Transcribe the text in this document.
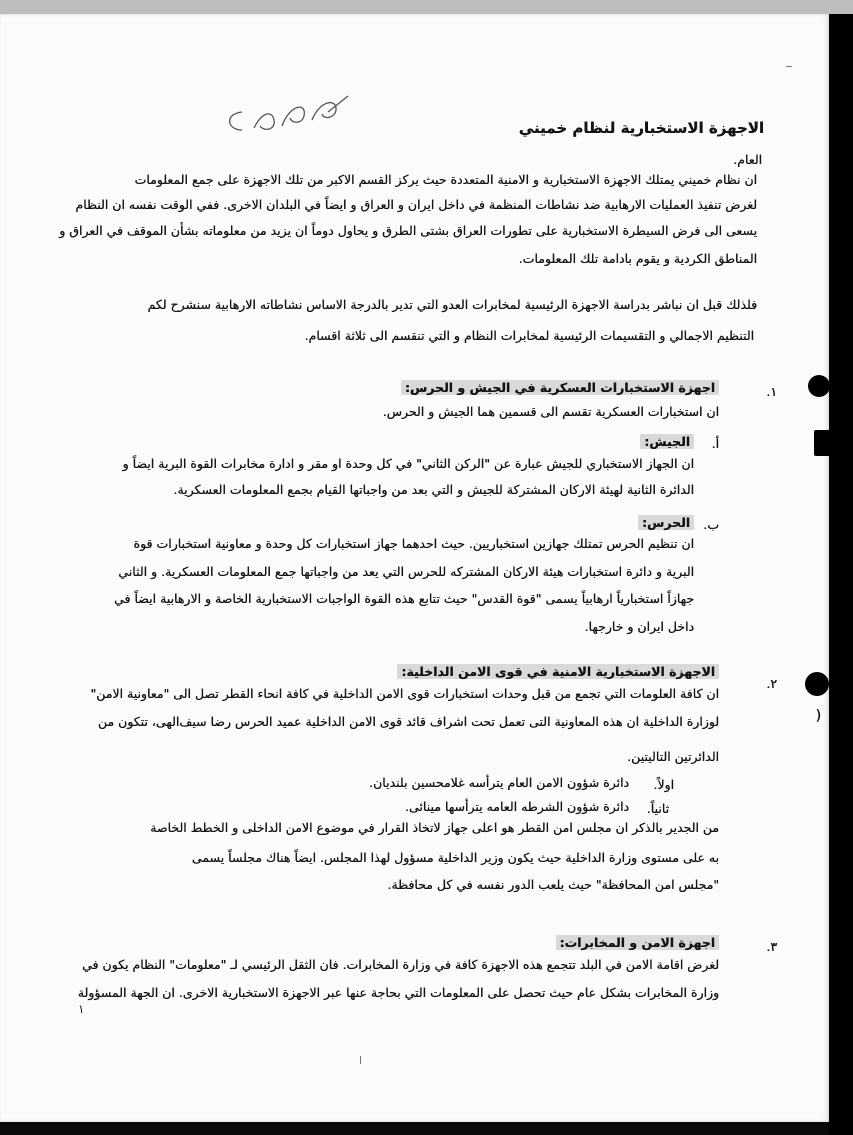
الاجهزة الاستخبارية لنظام خميني
العام.
ان نظام خميني يمتلك الاجهزة الاستخبارية و الامنية المتعددة حيث يركز القسم الاكبر من تلك الاجهزة على جمع المعلومات
لغرض تنفيذ العمليات الارهابية ضد نشاطات المنظمة في داخل ايران و العراق و ايضاً في البلدان الاخرى. ففي الوقت نفسه ان النظام
يسعى الى فرض السيطرة الاستخبارية على تطورات العراق بشتى الطرق و يحاول دوماً ان يزيد من معلوماته بشأن الموقف في العراق و
المناطق الكردية و يقوم بادامة تلك المعلومات.
فلذلك قبل ان نباشر بدراسة الاجهزة الرئيسية لمخابرات العدو التي تدير بالدرجة الاساس نشاطاته الارهابية سنشرح لكم
التنظيم الاجمالي و التقسيمات الرئيسية لمخابرات النظام و التي تنقسم الى ثلاثة اقسام.
١.
اجهزة الاستخبارات العسكرية في الجيش و الحرس:
ان استخبارات العسكرية تقسم الى قسمين هما الجيش و الحرس.
أ.
الجيش:
ان الجهاز الاستخباري للجيش عبارة عن "الركن الثاني" في كل وحدة او مقر و ادارة مخابرات القوة البرية ايضاً و
الدائرة الثانية لهيئة الاركان المشتركة للجيش و التي بعد من واجباتها القيام بجمع المعلومات العسكرية.
ب.
الحرس:
ان تنظيم الحرس تمتلك جهازين استخباريين. حيث احدهما جهاز استخبارات كل وحدة و معاونية استخبارات قوة
البرية و دائرة استخبارات هيئة الاركان المشتركه للحرس التي يعد من واجباتها جمع المعلومات العسكرية. و الثاني
جهازاً استخبارياً ارهابياً يسمى "قوة القدس" حيث تتابع هذه القوة الواجبات الاستخبارية الخاصة و الارهابية ايضاً في
داخل ايران و خارجها.
٢.
الاجهزة الاستخبارية الامنية في قوى الامن الداخلية:
ان كافة العلومات التي تجمع من قبل وحدات استخبارات قوى الامن الداخلية في كافة انحاء القطر تصل الى "معاونية الامن"
لوزارة الداخلية ان هذه المعاونية التى تعمل تحت اشراف قائد قوى الامن الداخلية عميد الحرس رضا سيف‌الهی، تتكون من
الدائرتين التاليتين.
(
اولاً.
دائرة شؤون الامن العام يترأسه غلامحسين بلنديان.
ثانياً.
دائرة شؤون الشرطه العامه يترأسها مينائى.
من الجدير بالذكر ان مجلس امن القطر هو اعلى جهاز لاتخاذ القرار في موضوع الامن الداخلى و الخطط الخاصة
به على مستوى وزارة الداخلية حيث يكون وزير الداخلية مسؤول لهذا المجلس. ايضاً هناك مجلساً يسمى
"مجلس امن المحافظة" حيث يلعب الدور نفسه في كل محافظة.
٣.
اجهزة الامن و المخابرات:
لغرض اقامة الامن في البلد تتجمع هذه الاجهزة كافة في وزارة المخابرات. فان الثقل الرئيسي لـ "معلومات" النظام يكون في
وزارة المخابرات بشكل عام حيث تحصل على المعلومات التي بحاجة عنها عبر الاجهزة الاستخبارية الاخرى. ان الجهة المسؤولة
١
